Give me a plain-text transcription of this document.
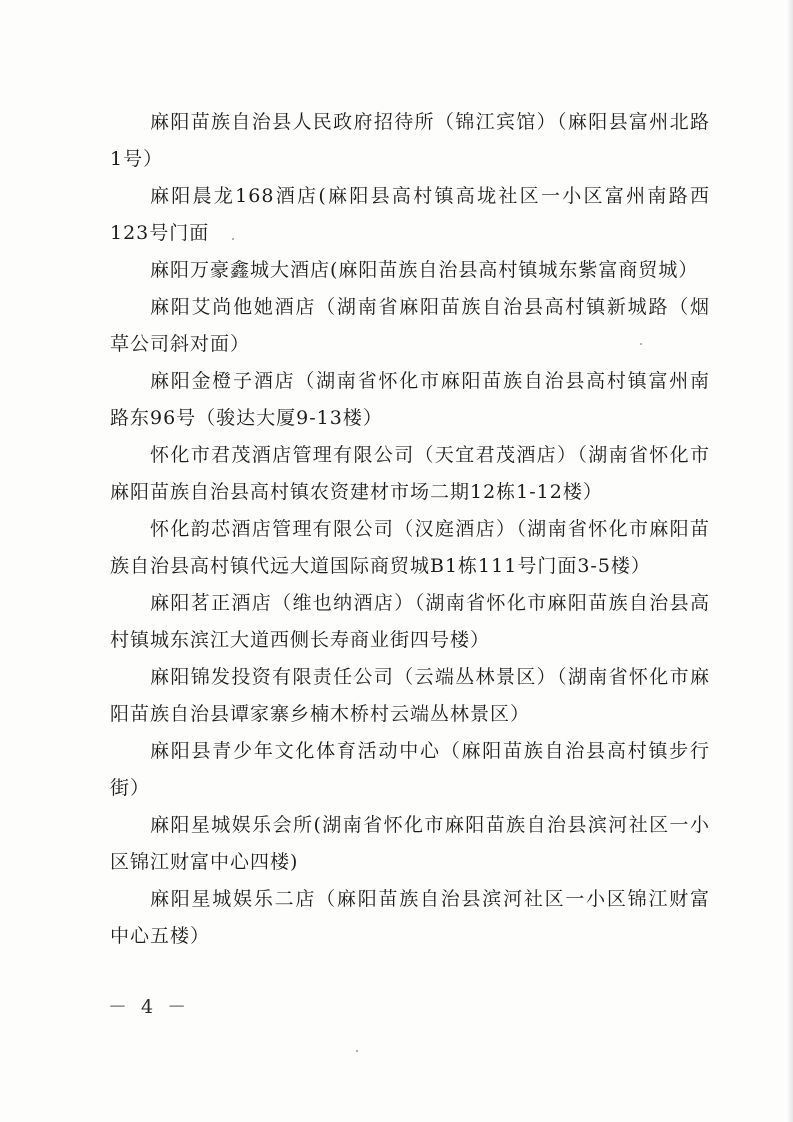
麻阳苗族自治县人民政府招待所（锦江宾馆）（麻阳县富州北路1号）

麻阳晨龙168酒店(麻阳县高村镇高垅社区一小区富州南路西123号门面

麻阳万豪鑫城大酒店(麻阳苗族自治县高村镇城东紫富商贸城）

麻阳艾尚他她酒店（湖南省麻阳苗族自治县高村镇新城路（烟草公司斜对面）

麻阳金橙子酒店（湖南省怀化市麻阳苗族自治县高村镇富州南路东96号（骏达大厦9-13楼）

怀化市君茂酒店管理有限公司（天宜君茂酒店）（湖南省怀化市麻阳苗族自治县高村镇农资建材市场二期12栋1-12楼）

怀化韵芯酒店管理有限公司（汉庭酒店）（湖南省怀化市麻阳苗族自治县高村镇代远大道国际商贸城B1栋111号门面3-5楼）

麻阳茗正酒店（维也纳酒店）（湖南省怀化市麻阳苗族自治县高村镇城东滨江大道西侧长寿商业街四号楼）

麻阳锦发投资有限责任公司（云端丛林景区）（湖南省怀化市麻阳苗族自治县谭家寨乡楠木桥村云端丛林景区）

麻阳县青少年文化体育活动中心（麻阳苗族自治县高村镇步行街）

麻阳星城娱乐会所(湖南省怀化市麻阳苗族自治县滨河社区一小区锦江财富中心四楼)

麻阳星城娱乐二店（麻阳苗族自治县滨河社区一小区锦江财富中心五楼）

－ 4 －
